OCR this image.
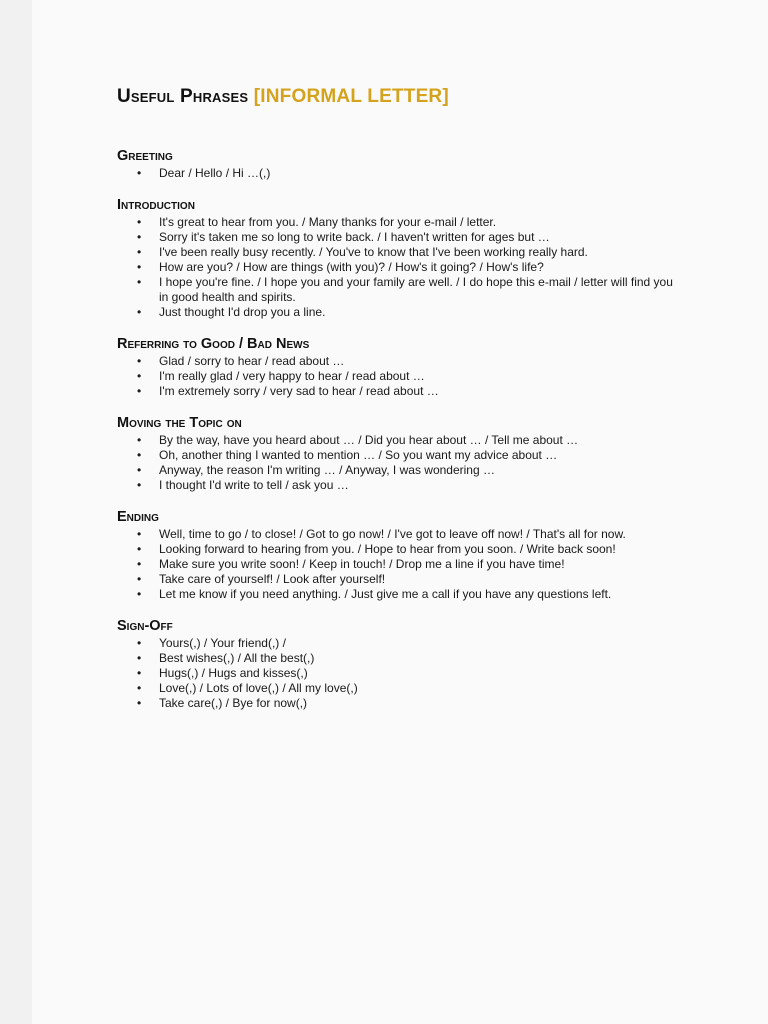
Useful Phrases [INFORMAL LETTER]
Greeting
• Dear / Hello / Hi …(,)
Introduction
• It's great to hear from you. / Many thanks for your e-mail / letter.
• Sorry it's taken me so long to write back. / I haven't written for ages but …
• I've been really busy recently. / You've to know that I've been working really hard.
• How are you? / How are things (with you)? / How's it going? / How's life?
• I hope you're fine. / I hope you and your family are well. / I do hope this e-mail / letter will find you in good health and spirits.
• Just thought I'd drop you a line.
Referring to Good / Bad News
• Glad / sorry to hear / read about …
• I'm really glad / very happy to hear / read about …
• I'm extremely sorry / very sad to hear / read about …
Moving the Topic on
• By the way, have you heard about … / Did you hear about … / Tell me about …
• Oh, another thing I wanted to mention … / So you want my advice about …
• Anyway, the reason I'm writing … / Anyway, I was wondering …
• I thought I'd write to tell / ask you …
Ending
• Well, time to go / to close! / Got to go now! / I've got to leave off now! / That's all for now.
• Looking forward to hearing from you. / Hope to hear from you soon. / Write back soon!
• Make sure you write soon! / Keep in touch! / Drop me a line if you have time!
• Take care of yourself! / Look after yourself!
• Let me know if you need anything. / Just give me a call if you have any questions left.
Sign-Off
• Yours(,) / Your friend(,) /
• Best wishes(,) / All the best(,)
• Hugs(,) / Hugs and kisses(,)
• Love(,) / Lots of love(,) / All my love(,)
• Take care(,) / Bye for now(,)
